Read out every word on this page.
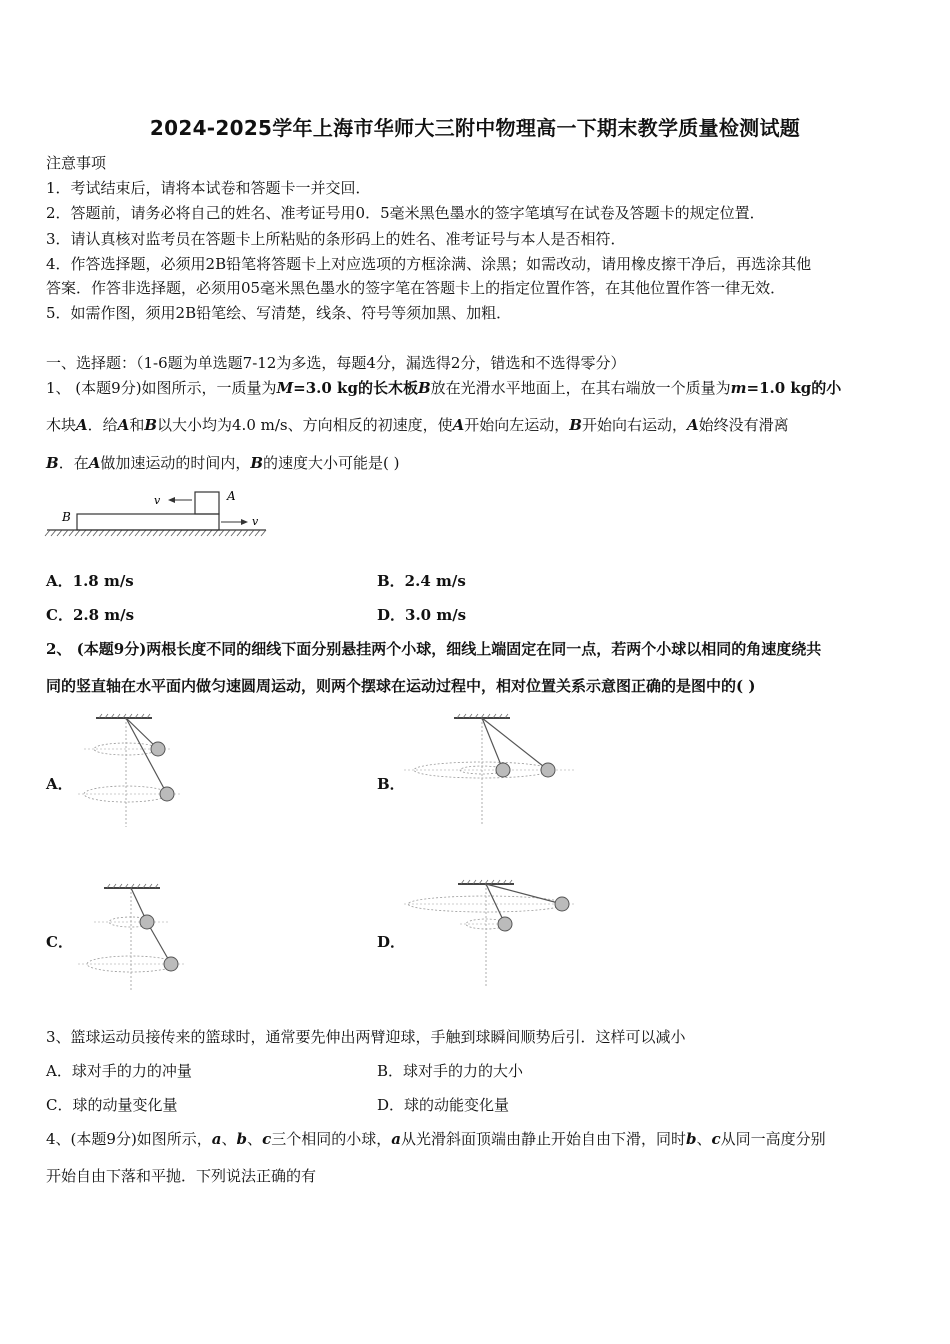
2024-2025学年上海市华师大三附中物理高一下期末教学质量检测试题
注意事项
1．考试结束后，请将本试卷和答题卡一并交回．
2．答题前，请务必将自己的姓名、准考证号用0．5毫米黑色墨水的签字笔填写在试卷及答题卡的规定位置．
3．请认真核对监考员在答题卡上所粘贴的条形码上的姓名、准考证号与本人是否相符．
4．作答选择题，必须用2B铅笔将答题卡上对应选项的方框涂满、涂黑；如需改动，请用橡皮擦干净后，再选涂其他
答案．作答非选择题，必须用05毫米黑色墨水的签字笔在答题卡上的指定位置作答，在其他位置作答一律无效．
5．如需作图，须用2B铅笔绘、写清楚，线条、符号等须加黑、加粗．
一、选择题：（1-6题为单选题7-12为多选，每题4分，漏选得2分，错选和不选得零分）
1、 (本题9分)如图所示，一质量为M=3.0 kg的长木板B放在光滑水平地面上，在其右端放一个质量为m=1.0 kg的小
木块A．给A和B以大小均为4.0 m/s、方向相反的初速度，使A开始向左运动，B开始向右运动，A始终没有滑离
B．在A做加速运动的时间内，B的速度大小可能是( )
v	A
B	v
A．1.8 m/s	B．2.4 m/s
C．2.8 m/s	D．3.0 m/s
2、 (本题9分)两根长度不同的细线下面分别悬挂两个小球，细线上端固定在同一点，若两个小球以相同的角速度绕共
同的竖直轴在水平面内做匀速圆周运动，则两个摆球在运动过程中，相对位置关系示意图正确的是图中的( )
A．	B．
C．	D．
3、篮球运动员接传来的篮球时，通常要先伸出两臂迎球，手触到球瞬间顺势后引．这样可以减小
A．球对手的力的冲量	B．球对手的力的大小
C．球的动量变化量	D．球的动能变化量
4、(本题9分)如图所示，a、b、c三个相同的小球，a从光滑斜面顶端由静止开始自由下滑，同时b、c从同一高度分别
开始自由下落和平抛．下列说法正确的有
